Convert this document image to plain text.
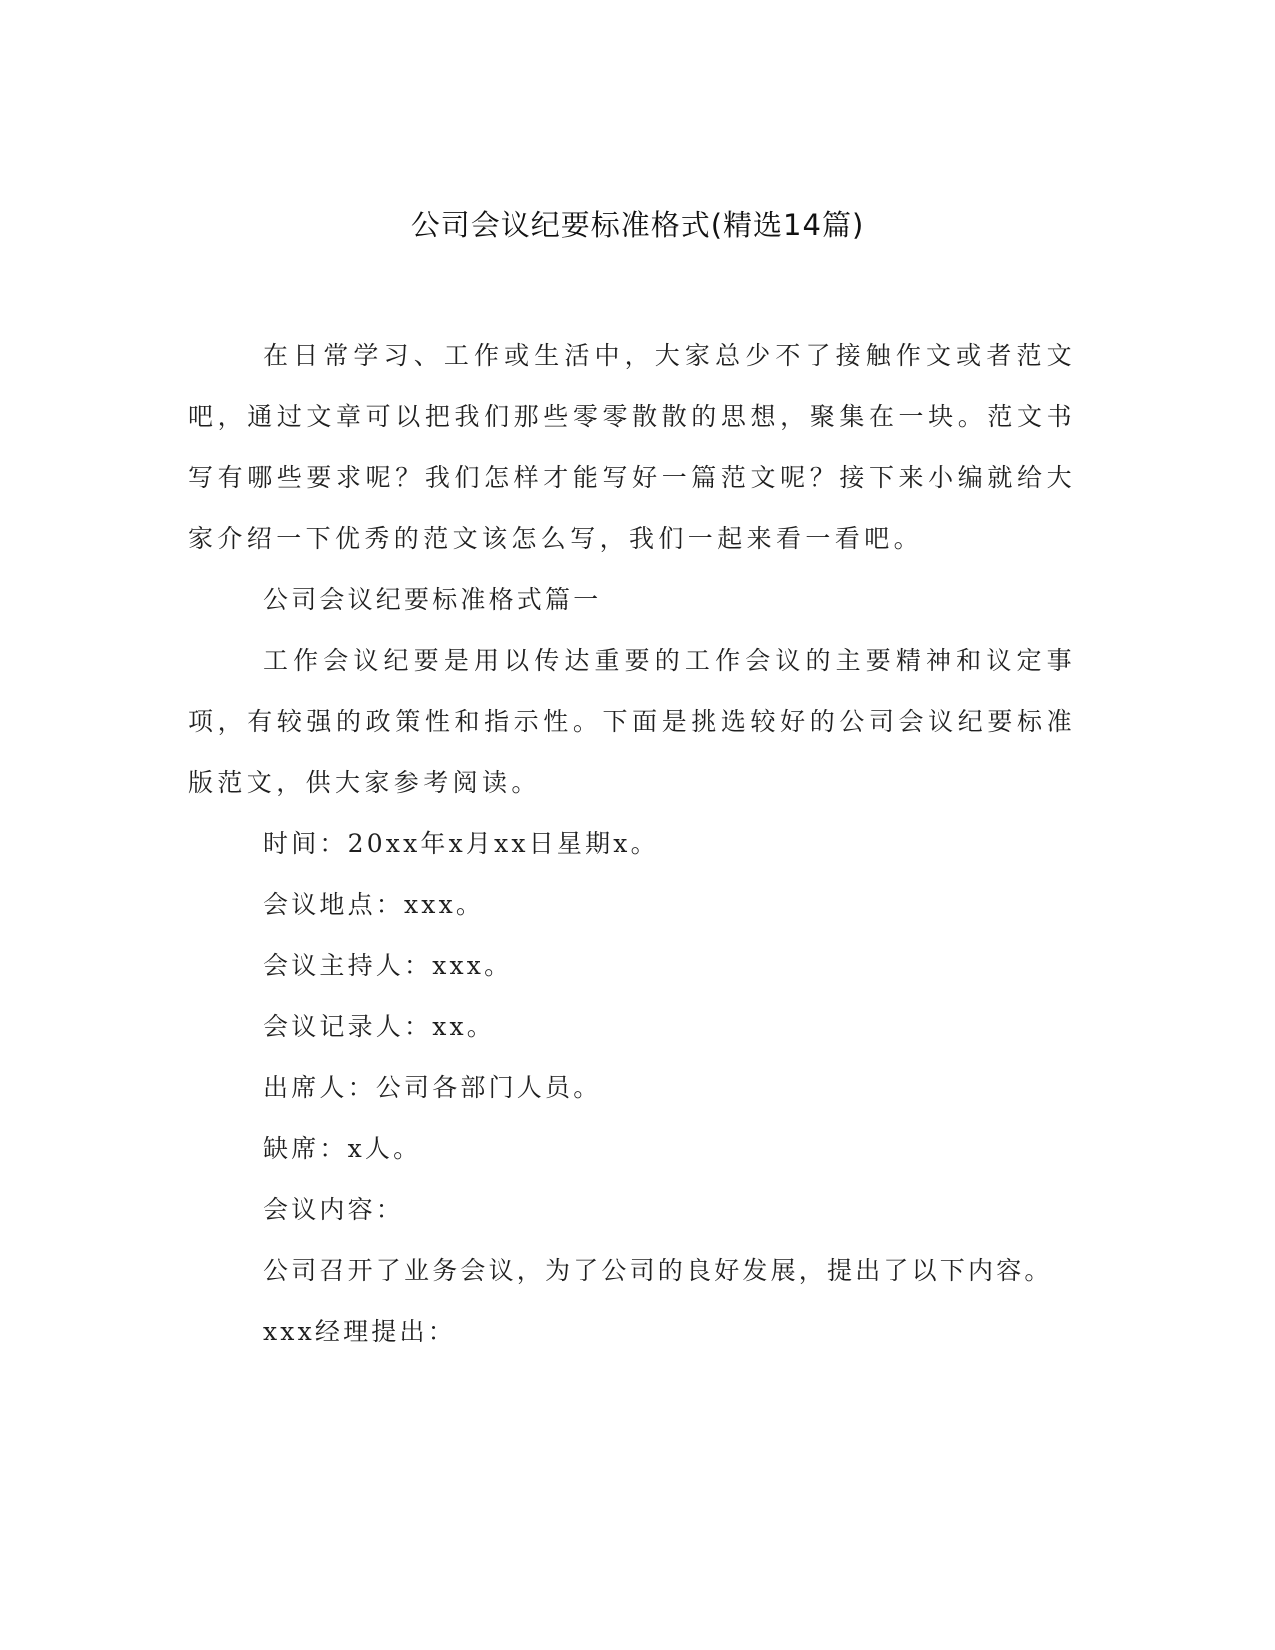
公司会议纪要标准格式(精选14篇)

在日常学习、工作或生活中，大家总少不了接触作文或者范文吧，通过文章可以把我们那些零零散散的思想，聚集在一块。范文书写有哪些要求呢？我们怎样才能写好一篇范文呢？接下来小编就给大家介绍一下优秀的范文该怎么写，我们一起来看一看吧。

公司会议纪要标准格式篇一

工作会议纪要是用以传达重要的工作会议的主要精神和议定事项，有较强的政策性和指示性。下面是挑选较好的公司会议纪要标准版范文，供大家参考阅读。

时间：20xx年x月xx日星期x。

会议地点：xxx。

会议主持人：xxx。

会议记录人：xx。

出席人：公司各部门人员。

缺席：x人。

会议内容：

公司召开了业务会议，为了公司的良好发展，提出了以下内容。

xxx经理提出：
